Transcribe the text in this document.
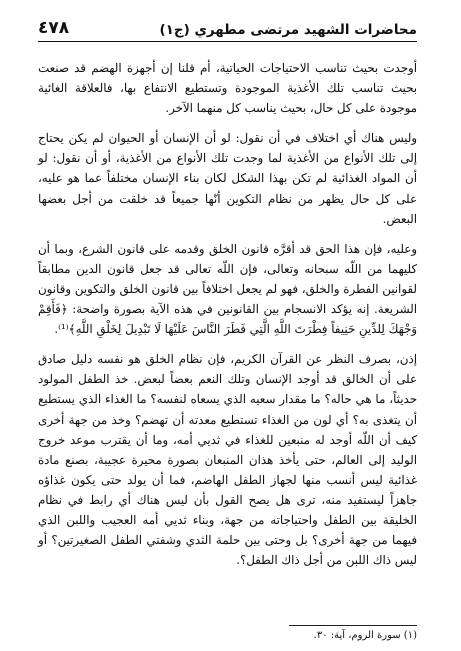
محاضرات الشهيد مرتضى مطهري (ج١)
٤٧٨

أوجدت بحيث تناسب الاحتياجات الحياتية، أم قلنا إن أجهزة الهضم قد صنعت بحيث تناسب تلك الأغذية الموجودة وتستطيع الانتفاع بها، فالعلاقة الغائية موجودة على كل حال، بحيث يناسب كل منهما الآخر.

وليس هناك أي اختلاف في أن نقول: لو أن الإنسان أو الحيوان لم يكن يحتاج إلى تلك الأنواع من الأغذية لما وجدت تلك الأنواع من الأغذية، أو أن نقول: لو أن المواد الغذائية لم تكن بهذا الشكل لكان بناء الإنسان مختلفاً عما هو عليه، على كل حال يظهر من نظام التكوين أنّها جميعاً قد خلقت من أجل بعضها البعض.

وعليه، فإن هذا الحق قد أقرَّه قانون الخلق وقدمه على قانون الشرع، وبما أن كليهما من اللّه سبحانه وتعالى، فإن اللّه تعالى قد جعل قانون الدين مطابقاً لقوانين الفطرة والخلق، فهو لم يجعل اختلافاً بين قانون الخلق والتكوين وقانون الشريعة. إنه يؤكد الانسجام بين القانونين في هذه الآية بصورة واضحة: ﴿فَأَقِمْ وَجْهَكَ لِلدِّينِ حَنِيفاً فِطْرَتَ اللَّهِ الَّتِي فَطَرَ النَّاسَ عَلَيْهَا لَا تَبْدِيلَ لِخَلْقِ اللَّهِ﴾⁽¹⁾.

إذن، بصرف النظر عن القرآن الكريم، فإن نظام الخلق هو نفسه دليل صادق على أن الخالق قد أوجد الإنسان وتلك النعم بعضاً لبعض. خذ الطفل المولود حديثاً، ما هي حاله؟ ما مقدار سعيه الذي يسعاه لنفسه؟ ما الغذاء الذي يستطيع أن يتغذى به؟ أي لون من الغذاء تستطيع معدته أن تهضم؟ وخذ من جهة أخرى كيف أن اللّه أوجد له منبعين للغذاء في ثديي أمه، وما أن يقترب موعد خروج الوليد إلى العالم، حتى يأخذ هذان المنبعان بصورة محيرة عجيبة، بصنع مادة غذائية ليس أنسب منها لجهاز الطفل الهاضم، فما أن يولد حتى يكون غذاؤه جاهزاً ليستفيد منه، ترى هل يصح القول بأن ليس هناك أي رابط في نظام الخليقة بين الطفل واحتياجاته من جهة، وبناء ثديي أمه العجيب واللبن الذي فيهما من جهة أخرى؟ بل وحتى بين حلمة الثدي وشفتي الطفل الصغيرتين؟ أو ليس ذاك اللبن من أجل ذاك الطفل؟.

(١) سورة الروم، آية: ٣٠.
